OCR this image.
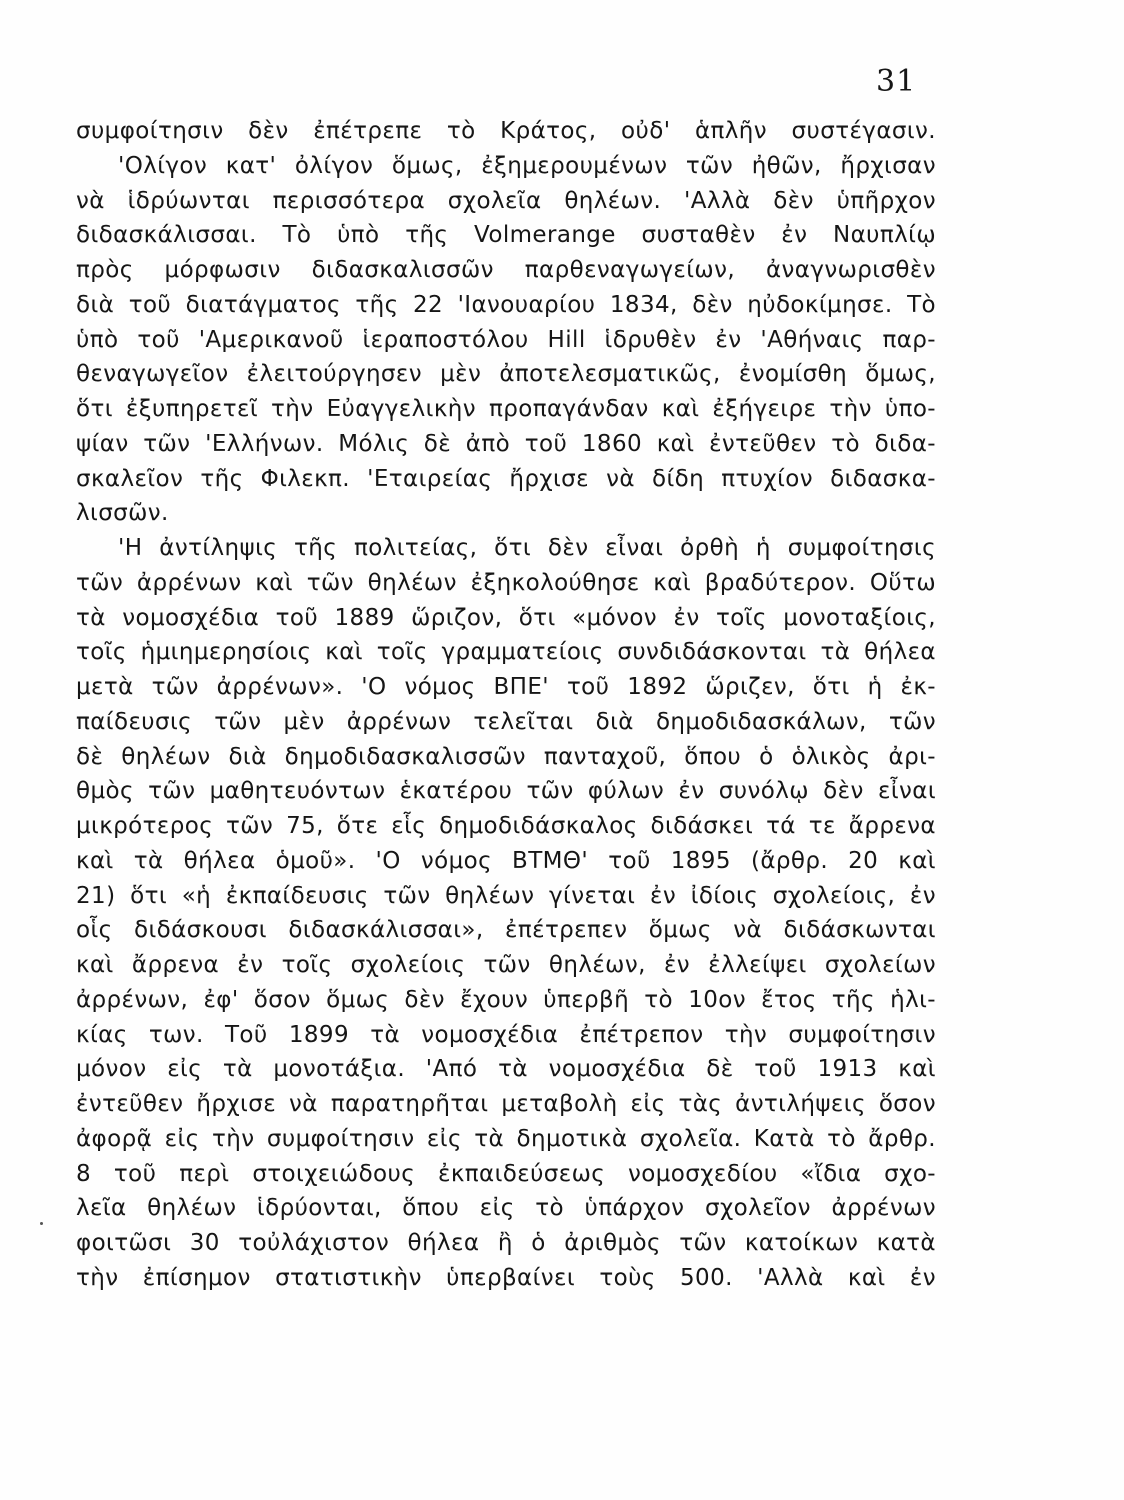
31
συμφοίτησιν δὲν ἐπέτρεπε τὸ Κράτος, οὐδ' ἁπλῆν συστέγασιν.
'Ολίγον κατ' ὀλίγον ὅμως, ἐξημερουμένων τῶν ἠθῶν, ἤρχισαν
νὰ ἱδρύωνται περισσότερα σχολεῖα θηλέων. 'Αλλὰ δὲν ὑπῆρχον
διδασκάλισσαι. Τὸ ὑπὸ τῆς Volmerange συσταθὲν ἐν Ναυπλίῳ
πρὸς μόρφωσιν διδασκαλισσῶν παρθεναγωγείων, ἀναγνωρισθὲν
διὰ τοῦ διατάγματος τῆς 22 'Ιανουαρίου 1834, δὲν ηὐδοκίμησε. Τὸ
ὑπὸ τοῦ 'Αμερικανοῦ ἱεραποστόλου Hill ἱδρυθὲν ἐν 'Αθήναις παρ-
θεναγωγεῖον ἐλειτούργησεν μὲν ἀποτελεσματικῶς, ἐνομίσθη ὅμως,
ὅτι ἐξυπηρετεῖ τὴν Εὐαγγελικὴν προπαγάνδαν καὶ ἐξήγειρε τὴν ὑπο-
ψίαν τῶν 'Ελλήνων. Μόλις δὲ ἀπὸ τοῦ 1860 καὶ ἐντεῦθεν τὸ διδα-
σκαλεῖον τῆς Φιλεκπ. 'Εταιρείας ἤρχισε νὰ δίδη πτυχίον διδασκα-
λισσῶν.
'Η ἀντίληψις τῆς πολιτείας, ὅτι δὲν εἶναι ὀρθὴ ἡ συμφοίτησις
τῶν ἀρρένων καὶ τῶν θηλέων ἐξηκολούθησε καὶ βραδύτερον. Οὕτω
τὰ νομοσχέδια τοῦ 1889 ὥριζον, ὅτι «μόνον ἐν τοῖς μονοταξίοις,
τοῖς ἡμιημερησίοις καὶ τοῖς γραμματείοις συνδιδάσκονται τὰ θήλεα
μετὰ τῶν ἀρρένων». 'Ο νόμος ΒΠΕ' τοῦ 1892 ὥριζεν, ὅτι ἡ ἐκ-
παίδευσις τῶν μὲν ἀρρένων τελεῖται διὰ δημοδιδασκάλων, τῶν
δὲ θηλέων διὰ δημοδιδασκαλισσῶν πανταχοῦ, ὅπου ὁ ὁλικὸς ἀρι-
θμὸς τῶν μαθητευόντων ἑκατέρου τῶν φύλων ἐν συνόλῳ δὲν εἶναι
μικρότερος τῶν 75, ὅτε εἷς δημοδιδάσκαλος διδάσκει τά τε ἄρρενα
καὶ τὰ θήλεα ὁμοῦ». 'Ο νόμος ΒΤΜΘ' τοῦ 1895 (ἄρθρ. 20 καὶ
21) ὅτι «ἡ ἐκπαίδευσις τῶν θηλέων γίνεται ἐν ἰδίοις σχολείοις, ἐν
οἷς διδάσκουσι διδασκάλισσαι», ἐπέτρεπεν ὅμως νὰ διδάσκωνται
καὶ ἄρρενα ἐν τοῖς σχολείοις τῶν θηλέων, ἐν ἐλλείψει σχολείων
ἀρρένων, ἐφ' ὅσον ὅμως δὲν ἔχουν ὑπερβῆ τὸ 10ον ἔτος τῆς ἡλι-
κίας των. Τοῦ 1899 τὰ νομοσχέδια ἐπέτρεπον τὴν συμφοίτησιν
μόνον εἰς τὰ μονοτάξια. 'Από τὰ νομοσχέδια δὲ τοῦ 1913 καὶ
ἐντεῦθεν ἤρχισε νὰ παρατηρῆται μεταβολὴ εἰς τὰς ἀντιλήψεις ὅσον
ἀφορᾷ εἰς τὴν συμφοίτησιν εἰς τὰ δημοτικὰ σχολεῖα. Κατὰ τὸ ἄρθρ.
8 τοῦ περὶ στοιχειώδους ἐκπαιδεύσεως νομοσχεδίου «ἴδια σχο-
λεῖα θηλέων ἱδρύονται, ὅπου εἰς τὸ ὑπάρχον σχολεῖον ἀρρένων
φοιτῶσι 30 τοὐλάχιστον θήλεα ἢ ὁ ἀριθμὸς τῶν κατοίκων κατὰ
τὴν ἐπίσημον στατιστικὴν ὑπερβαίνει τοὺς 500. 'Αλλὰ καὶ ἐν
